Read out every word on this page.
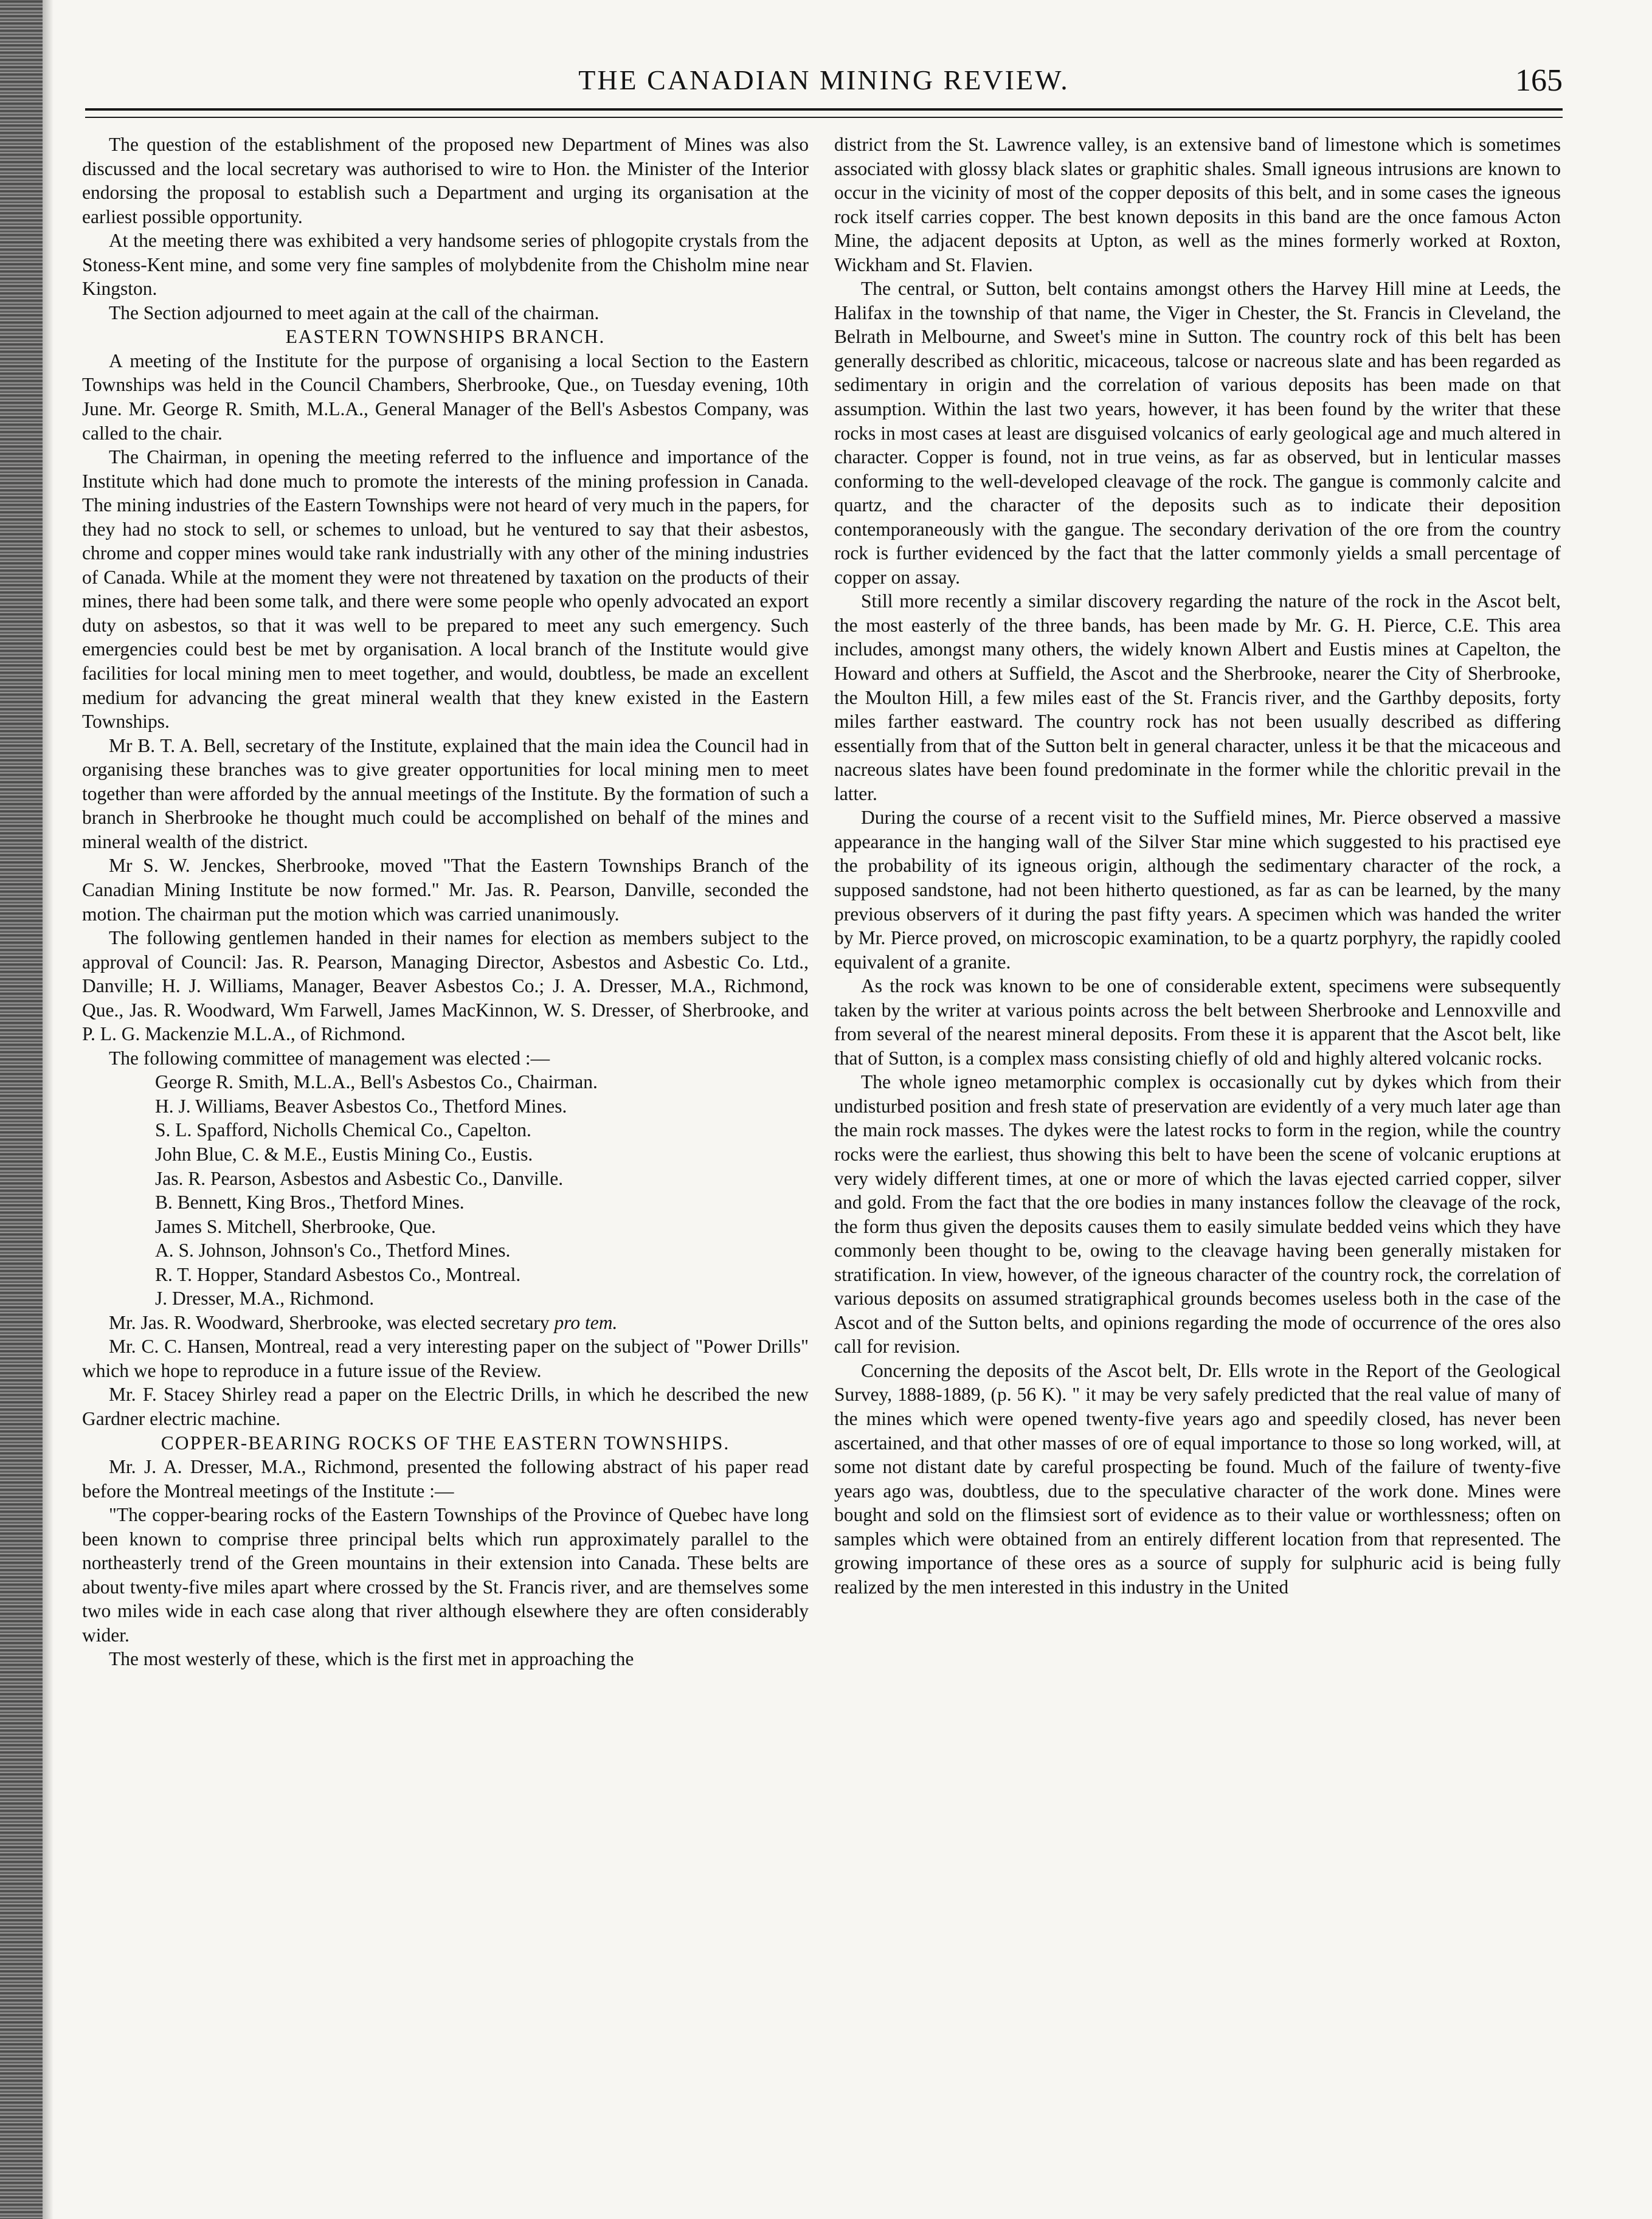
THE CANADIAN MINING REVIEW.	165

The question of the establishment of the proposed new Department of Mines was also discussed and the local secretary was authorised to wire to Hon. the Minister of the Interior endorsing the proposal to establish such a Department and urging its organisation at the earliest possible opportunity.

At the meeting there was exhibited a very handsome series of phlogopite crystals from the Stoness-Kent mine, and some very fine samples of molybdenite from the Chisholm mine near Kingston.

The Section adjourned to meet again at the call of the chairman.

EASTERN TOWNSHIPS BRANCH.

A meeting of the Institute for the purpose of organising a local Section to the Eastern Townships was held in the Council Chambers, Sherbrooke, Que., on Tuesday evening, 10th June. Mr. George R. Smith, M.L.A., General Manager of the Bell's Asbestos Company, was called to the chair.

The Chairman, in opening the meeting referred to the influence and importance of the Institute which had done much to promote the interests of the mining profession in Canada. The mining industries of the Eastern Townships were not heard of very much in the papers, for they had no stock to sell, or schemes to unload, but he ventured to say that their asbestos, chrome and copper mines would take rank industrially with any other of the mining industries of Canada. While at the moment they were not threatened by taxation on the products of their mines, there had been some talk, and there were some people who openly advocated an export duty on asbestos, so that it was well to be prepared to meet any such emergency. Such emergencies could best be met by organisation. A local branch of the Institute would give facilities for local mining men to meet together, and would, doubtless, be made an excellent medium for advancing the great mineral wealth that they knew existed in the Eastern Townships.

Mr B. T. A. Bell, secretary of the Institute, explained that the main idea the Council had in organising these branches was to give greater opportunities for local mining men to meet together than were afforded by the annual meetings of the Institute. By the formation of such a branch in Sherbrooke he thought much could be accomplished on behalf of the mines and mineral wealth of the district.

Mr S. W. Jenckes, Sherbrooke, moved "That the Eastern Townships Branch of the Canadian Mining Institute be now formed." Mr. Jas. R. Pearson, Danville, seconded the motion. The chairman put the motion which was carried unanimously.

The following gentlemen handed in their names for election as members subject to the approval of Council: Jas. R. Pearson, Managing Director, Asbestos and Asbestic Co. Ltd., Danville; H. J. Williams, Manager, Beaver Asbestos Co.; J. A. Dresser, M.A., Richmond, Que., Jas. R. Woodward, Wm Farwell, James MacKinnon, W. S. Dresser, of Sherbrooke, and P. L. G. Mackenzie M.L.A., of Richmond.

The following committee of management was elected :—

George R. Smith, M.L.A., Bell's Asbestos Co., Chairman.
H. J. Williams, Beaver Asbestos Co., Thetford Mines.
S. L. Spafford, Nicholls Chemical Co., Capelton.
John Blue, C. & M.E., Eustis Mining Co., Eustis.
Jas. R. Pearson, Asbestos and Asbestic Co., Danville.
B. Bennett, King Bros., Thetford Mines.
James S. Mitchell, Sherbrooke, Que.
A. S. Johnson, Johnson's Co., Thetford Mines.
R. T. Hopper, Standard Asbestos Co., Montreal.
J. Dresser, M.A., Richmond.

Mr. Jas. R. Woodward, Sherbrooke, was elected secretary pro tem.

Mr. C. C. Hansen, Montreal, read a very interesting paper on the subject of "Power Drills" which we hope to reproduce in a future issue of the Review.

Mr. F. Stacey Shirley read a paper on the Electric Drills, in which he described the new Gardner electric machine.

COPPER-BEARING ROCKS OF THE EASTERN TOWNSHIPS.

Mr. J. A. Dresser, M.A., Richmond, presented the following abstract of his paper read before the Montreal meetings of the Institute :—

"The copper-bearing rocks of the Eastern Townships of the Province of Quebec have long been known to comprise three principal belts which run approximately parallel to the northeasterly trend of the Green mountains in their extension into Canada. These belts are about twenty-five miles apart where crossed by the St. Francis river, and are themselves some two miles wide in each case along that river although elsewhere they are often considerably wider.

The most westerly of these, which is the first met in approaching the

district from the St. Lawrence valley, is an extensive band of limestone which is sometimes associated with glossy black slates or graphitic shales. Small igneous intrusions are known to occur in the vicinity of most of the copper deposits of this belt, and in some cases the igneous rock itself carries copper. The best known deposits in this band are the once famous Acton Mine, the adjacent deposits at Upton, as well as the mines formerly worked at Roxton, Wickham and St. Flavien.

The central, or Sutton, belt contains amongst others the Harvey Hill mine at Leeds, the Halifax in the township of that name, the Viger in Chester, the St. Francis in Cleveland, the Belrath in Melbourne, and Sweet's mine in Sutton. The country rock of this belt has been generally described as chloritic, micaceous, talcose or nacreous slate and has been regarded as sedimentary in origin and the correlation of various deposits has been made on that assumption. Within the last two years, however, it has been found by the writer that these rocks in most cases at least are disguised volcanics of early geological age and much altered in character. Copper is found, not in true veins, as far as observed, but in lenticular masses conforming to the well-developed cleavage of the rock. The gangue is commonly calcite and quartz, and the character of the deposits such as to indicate their deposition contemporaneously with the gangue. The secondary derivation of the ore from the country rock is further evidenced by the fact that the latter commonly yields a small percentage of copper on assay.

Still more recently a similar discovery regarding the nature of the rock in the Ascot belt, the most easterly of the three bands, has been made by Mr. G. H. Pierce, C.E. This area includes, amongst many others, the widely known Albert and Eustis mines at Capelton, the Howard and others at Suffield, the Ascot and the Sherbrooke, nearer the City of Sherbrooke, the Moulton Hill, a few miles east of the St. Francis river, and the Garthby deposits, forty miles farther eastward. The country rock has not been usually described as differing essentially from that of the Sutton belt in general character, unless it be that the micaceous and nacreous slates have been found predominate in the former while the chloritic prevail in the latter.

During the course of a recent visit to the Suffield mines, Mr. Pierce observed a massive appearance in the hanging wall of the Silver Star mine which suggested to his practised eye the probability of its igneous origin, although the sedimentary character of the rock, a supposed sandstone, had not been hitherto questioned, as far as can be learned, by the many previous observers of it during the past fifty years. A specimen which was handed the writer by Mr. Pierce proved, on microscopic examination, to be a quartz porphyry, the rapidly cooled equivalent of a granite.

As the rock was known to be one of considerable extent, specimens were subsequently taken by the writer at various points across the belt between Sherbrooke and Lennoxville and from several of the nearest mineral deposits. From these it is apparent that the Ascot belt, like that of Sutton, is a complex mass consisting chiefly of old and highly altered volcanic rocks.

The whole igneo metamorphic complex is occasionally cut by dykes which from their undisturbed position and fresh state of preservation are evidently of a very much later age than the main rock masses. The dykes were the latest rocks to form in the region, while the country rocks were the earliest, thus showing this belt to have been the scene of volcanic eruptions at very widely different times, at one or more of which the lavas ejected carried copper, silver and gold. From the fact that the ore bodies in many instances follow the cleavage of the rock, the form thus given the deposits causes them to easily simulate bedded veins which they have commonly been thought to be, owing to the cleavage having been generally mistaken for stratification. In view, however, of the igneous character of the country rock, the correlation of various deposits on assumed stratigraphical grounds becomes useless both in the case of the Ascot and of the Sutton belts, and opinions regarding the mode of occurrence of the ores also call for revision.

Concerning the deposits of the Ascot belt, Dr. Ells wrote in the Report of the Geological Survey, 1888-1889, (p. 56 K). " it may be very safely predicted that the real value of many of the mines which were opened twenty-five years ago and speedily closed, has never been ascertained, and that other masses of ore of equal importance to those so long worked, will, at some not distant date by careful prospecting be found. Much of the failure of twenty-five years ago was, doubtless, due to the speculative character of the work done. Mines were bought and sold on the flimsiest sort of evidence as to their value or worthlessness; often on samples which were obtained from an entirely different location from that represented. The growing importance of these ores as a source of supply for sulphuric acid is being fully realized by the men interested in this industry in the United
